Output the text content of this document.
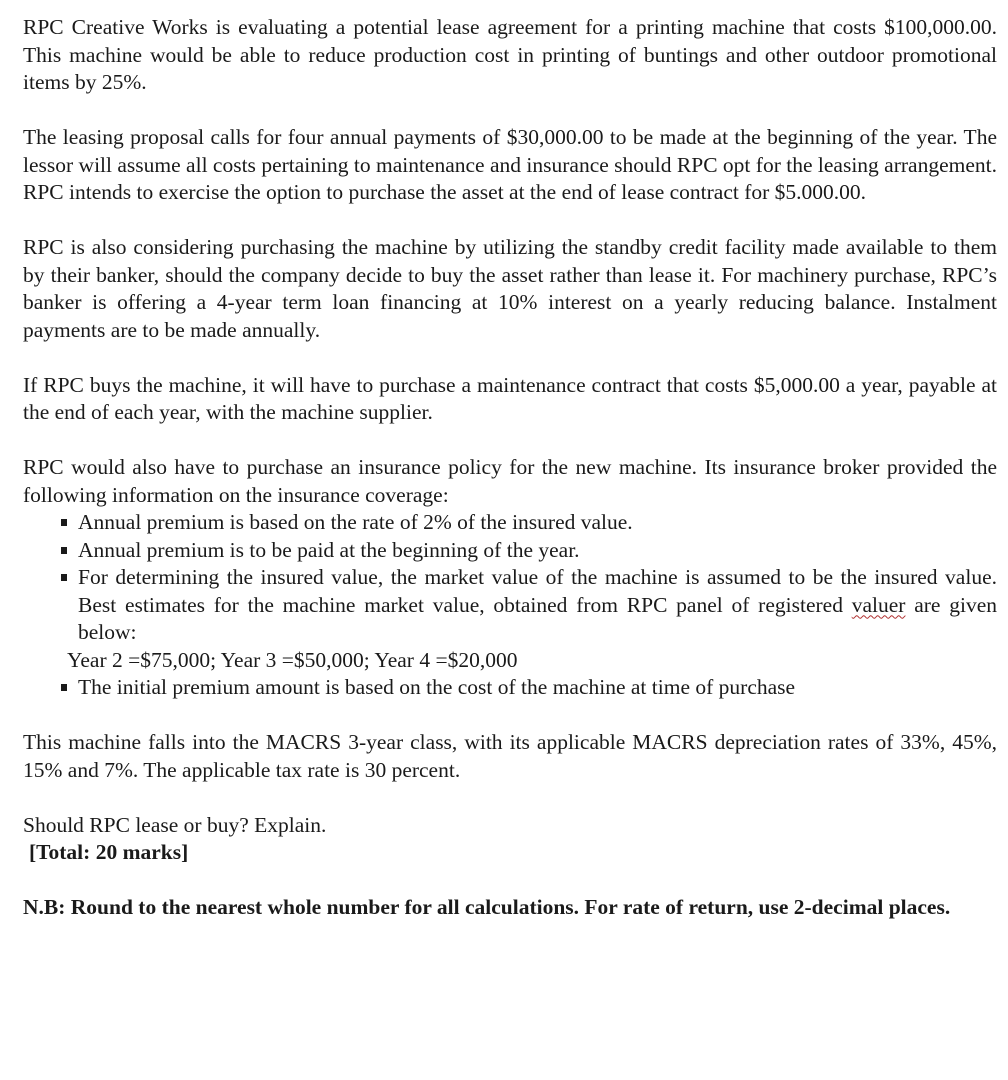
RPC Creative Works is evaluating a potential lease agreement for a printing machine that costs $100,000.00. This machine would be able to reduce production cost in printing of buntings and other outdoor promotional items by 25%.

The leasing proposal calls for four annual payments of $30,000.00 to be made at the beginning of the year. The lessor will assume all costs pertaining to maintenance and insurance should RPC opt for the leasing arrangement. RPC intends to exercise the option to purchase the asset at the end of lease contract for $5.000.00.

RPC is also considering purchasing the machine by utilizing the standby credit facility made available to them by their banker, should the company decide to buy the asset rather than lease it. For machinery purchase, RPC’s banker is offering a 4-year term loan financing at 10% interest on a yearly reducing balance. Instalment payments are to be made annually.

If RPC buys the machine, it will have to purchase a maintenance contract that costs $5,000.00 a year, payable at the end of each year, with the machine supplier.

RPC would also have to purchase an insurance policy for the new machine. Its insurance broker provided the following information on the insurance coverage:

Annual premium is based on the rate of 2% of the insured value.
Annual premium is to be paid at the beginning of the year.
For determining the insured value, the market value of the machine is assumed to be the insured value. Best estimates for the machine market value, obtained from RPC panel of registered valuer are given below:

Year 2 =$75,000; Year 3 =$50,000; Year 4 =$20,000

The initial premium amount is based on the cost of the machine at time of purchase

This machine falls into the MACRS 3-year class, with its applicable MACRS depreciation rates of 33%, 45%, 15% and 7%. The applicable tax rate is 30 percent.

Should RPC lease or buy? Explain.

[Total: 20 marks]

N.B: Round to the nearest whole number for all calculations. For rate of return, use 2-decimal places.
